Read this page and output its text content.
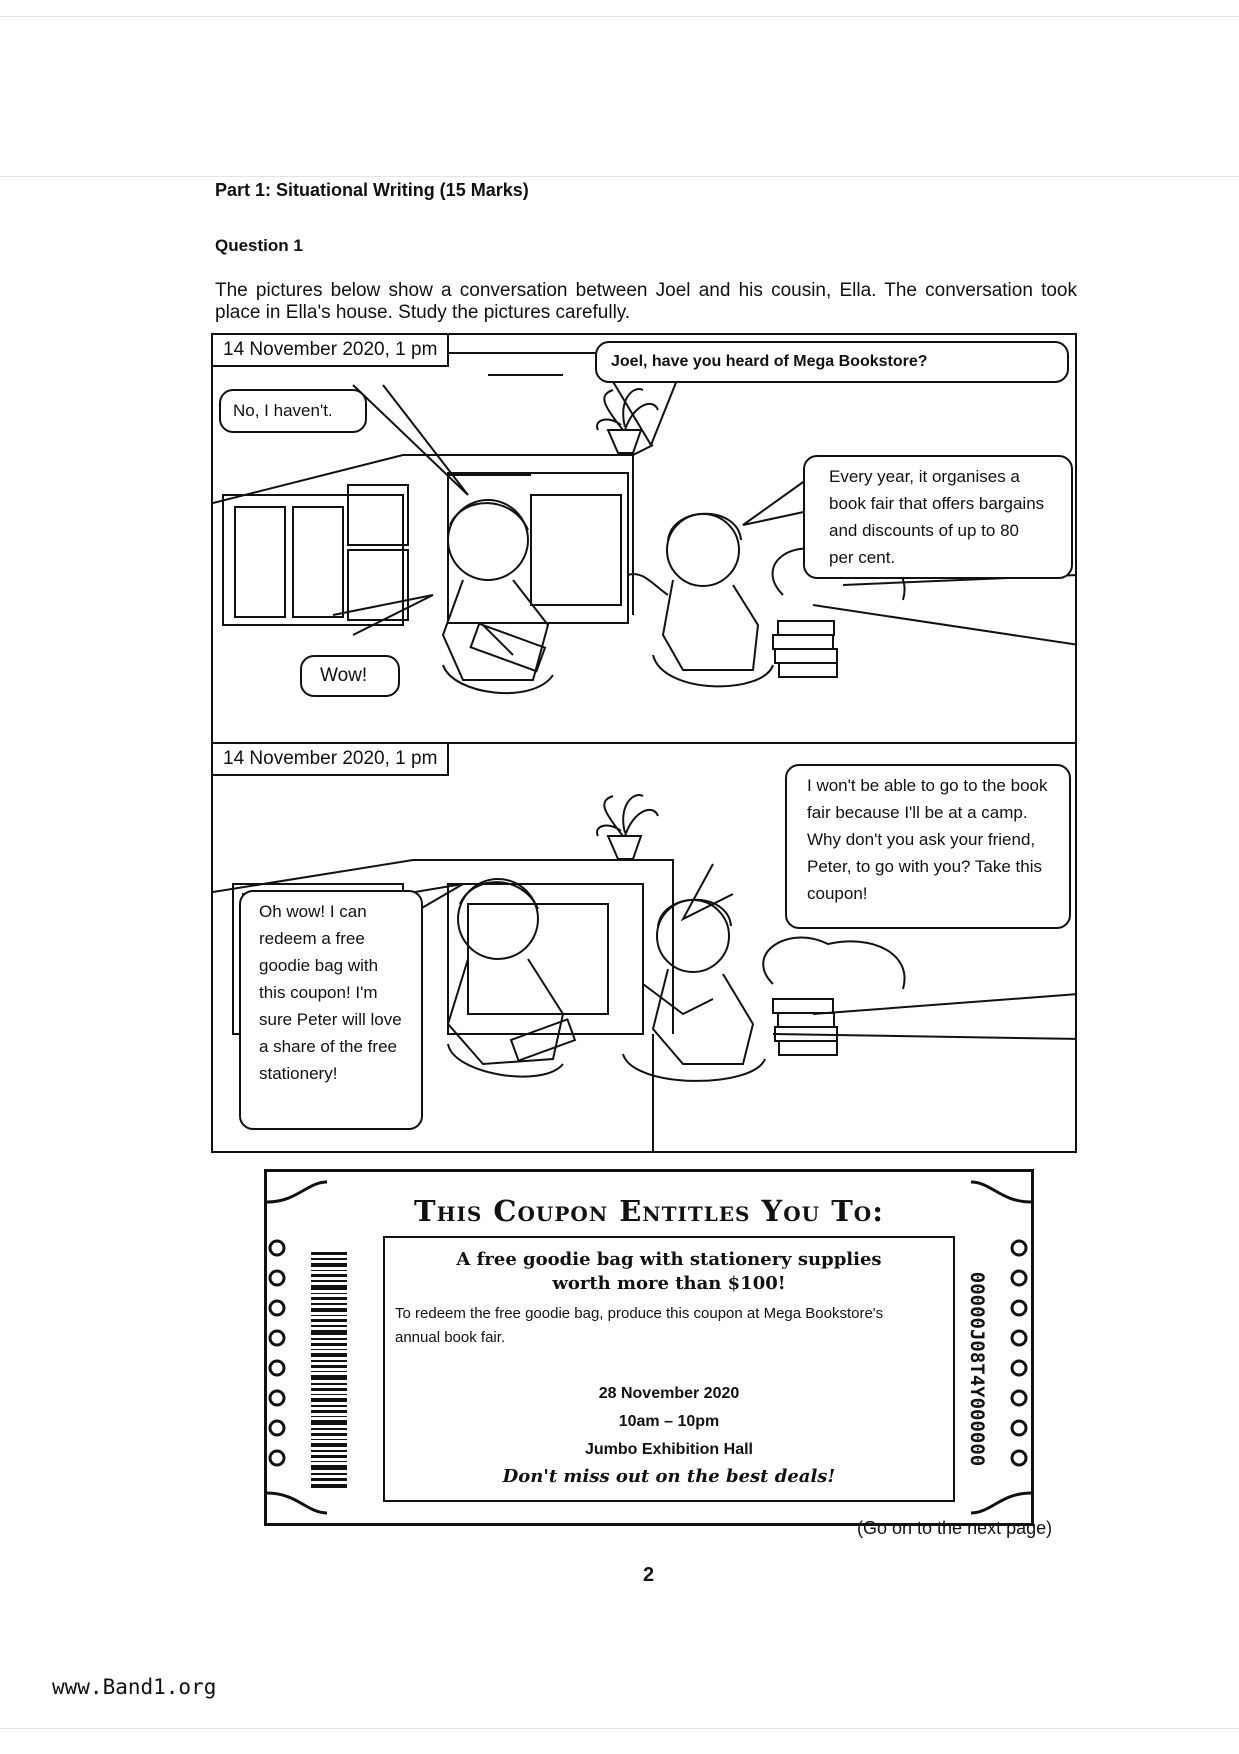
Part 1: Situational Writing (15 Marks)
Question 1
The pictures below show a conversation between Joel and his cousin, Ella. The conversation took place in Ella's house. Study the pictures carefully.
14 November 2020, 1 pm
Joel, have you heard of Mega Bookstore?
No, I haven't.
Every year, it organises a book fair that offers bargains and discounts of up to 80 per cent.
Wow!
14 November 2020, 1 pm
I won't be able to go to the book fair because I'll be at a camp. Why don't you ask your friend, Peter, to go with you? Take this coupon!
Oh wow! I can redeem a free goodie bag with this coupon! I'm sure Peter will love a share of the free stationery!
This Coupon Entitles You To:
A free goodie bag with stationery supplies
worth more than $100!
To redeem the free goodie bag, produce this coupon at Mega Bookstore's annual book fair.
28 November 2020
10am – 10pm
Jumbo Exhibition Hall
Don't miss out on the best deals!
00000J08T4Y000000
(Go on to the next page)
2
www.Band1.org
